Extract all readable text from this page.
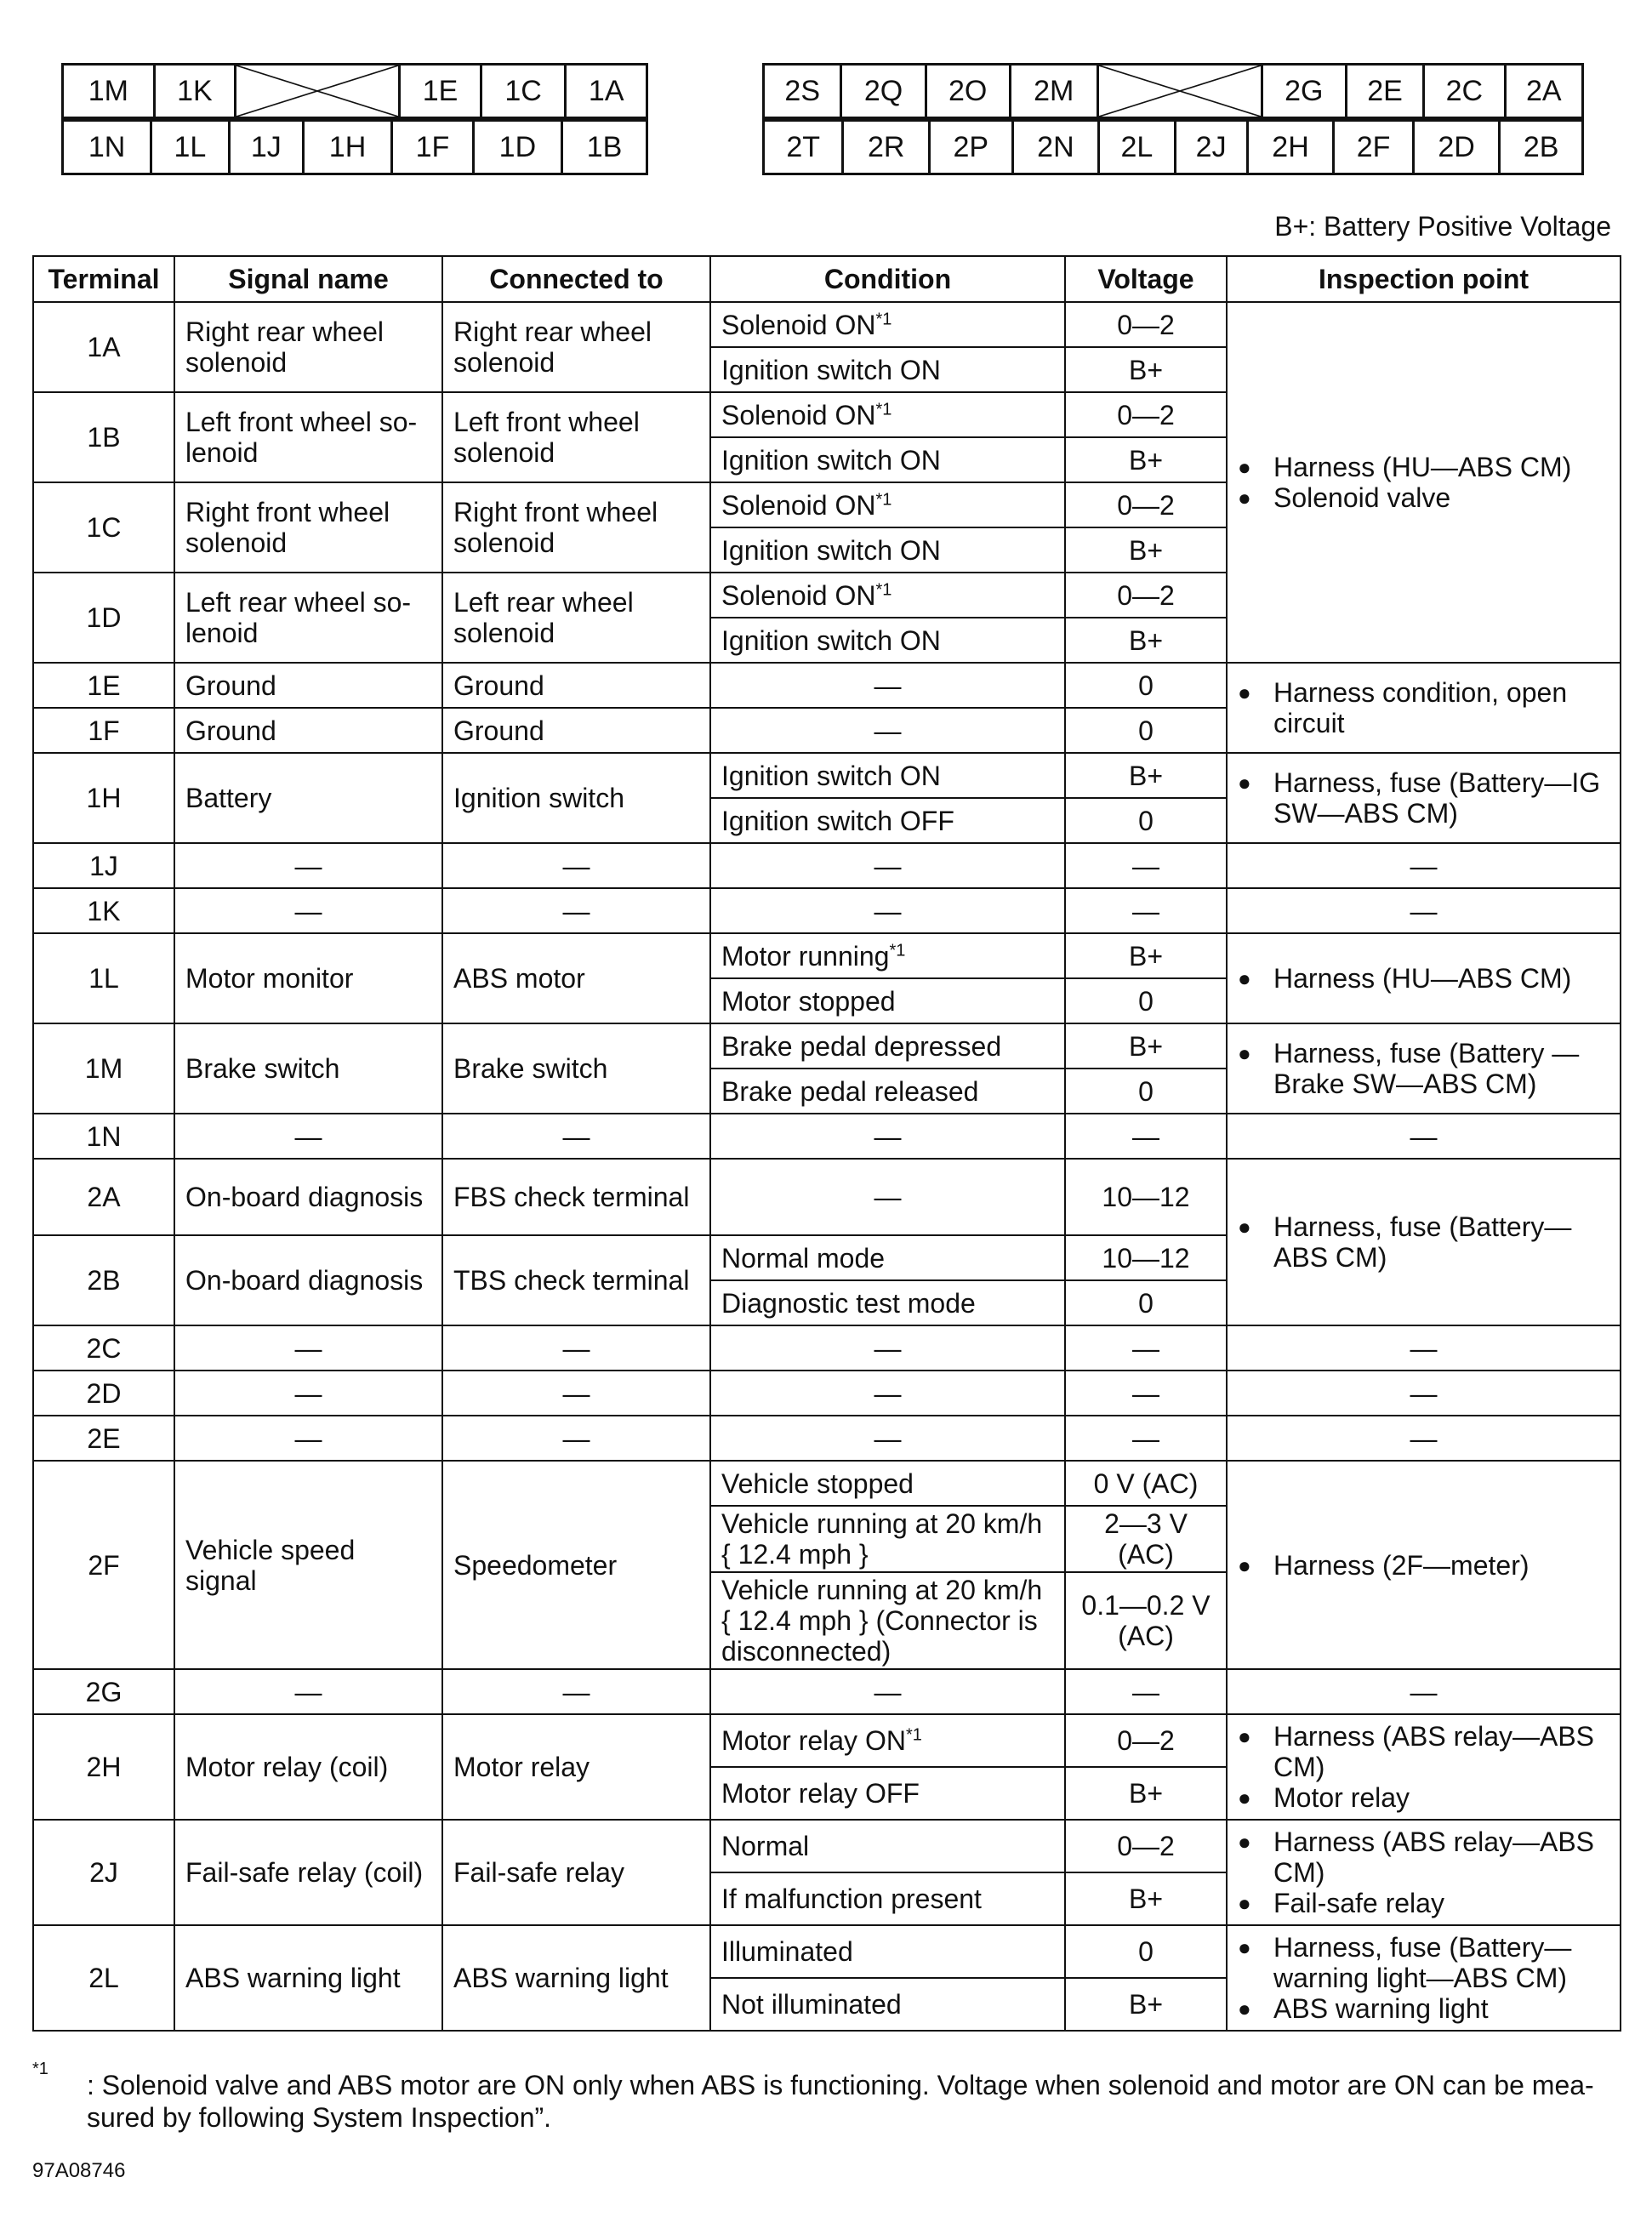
1M	1K		1E	1C	1A
1N	1L	1J	1H	1F	1D	1B
2S	2Q	2O	2M		2G	2E	2C	2A
2T	2R	2P	2N	2L	2J	2H	2F	2D	2B
B+: Battery Positive Voltage
Terminal	Signal name	Connected to	Condition	Voltage	Inspection point
1A	Right rear wheel solenoid	Right rear wheel solenoid	Solenoid ON$^{*1}$	0—2	● Harness (HU—ABS CM)
● Solenoid valve

			Ignition switch ON	B+	
1B	Left front wheel so-lenoid	Left front wheel solenoid	Solenoid ON$^{*1}$	0—2	
			Ignition switch ON	B+	
1C	Right front wheel solenoid	Right front wheel solenoid	Solenoid ON$^{*1}$	0—2	
			Ignition switch ON	B+	
1D	Left rear wheel so-lenoid	Left rear wheel solenoid	Solenoid ON$^{*1}$	0—2	
			Ignition switch ON	B+	
1E	Ground	Ground	—	0	● Harness condition, open circuit

1F	Ground	Ground	—	0	
1H	Battery	Ignition switch	Ignition switch ON	B+	● Harness, fuse (Battery—IG SW—ABS CM)

			Ignition switch OFF	0	
1J	—	—	—	—	—
1K	—	—	—	—	—
1L	Motor monitor	ABS motor	Motor running$^{*1}$	B+	● Harness (HU—ABS CM)

			Motor stopped	0	
1M	Brake switch	Brake switch	Brake pedal depressed	B+	● Harness, fuse (Battery — Brake SW—ABS CM)

			Brake pedal released	0	
1N	—	—	—	—	—
2A	On-board diagnosis	FBS check terminal	—	10—12	● Harness, fuse (Battery—ABS CM)

2B	On-board diagnosis	TBS check terminal	Normal mode	10—12	
			Diagnostic test mode	0	
2C	—	—	—	—	—
2D	—	—	—	—	—
2E	—	—	—	—	—
2F	Vehicle speed signal	Speedometer	Vehicle stopped	0 V (AC)	● Harness (2F—meter)

			Vehicle running at 20 km/h { 12.4 mph }	2—3 V (AC)	
			Vehicle running at 20 km/h { 12.4 mph } (Connector is disconnected)	0.1—0.2 V (AC)	
2G	—	—	—	—	—
2H	Motor relay (coil)	Motor relay	Motor relay ON$^{*1}$	0—2	● Harness (ABS relay—ABS CM)
● Motor relay

			Motor relay OFF	B+	
2J	Fail-safe relay (coil)	Fail-safe relay	Normal	0—2	● Harness (ABS relay—ABS CM)
● Fail-safe relay

			If malfunction present	B+	
2L	ABS warning light	ABS warning light	Illuminated	0	● Harness, fuse (Battery—warning light—ABS CM)
● ABS warning light

			Not illuminated	B+	
*1
: Solenoid valve and ABS motor are ON only when ABS is functioning. Voltage when solenoid and motor are ON can be mea-sured by following System Inspection”.
97A08746
